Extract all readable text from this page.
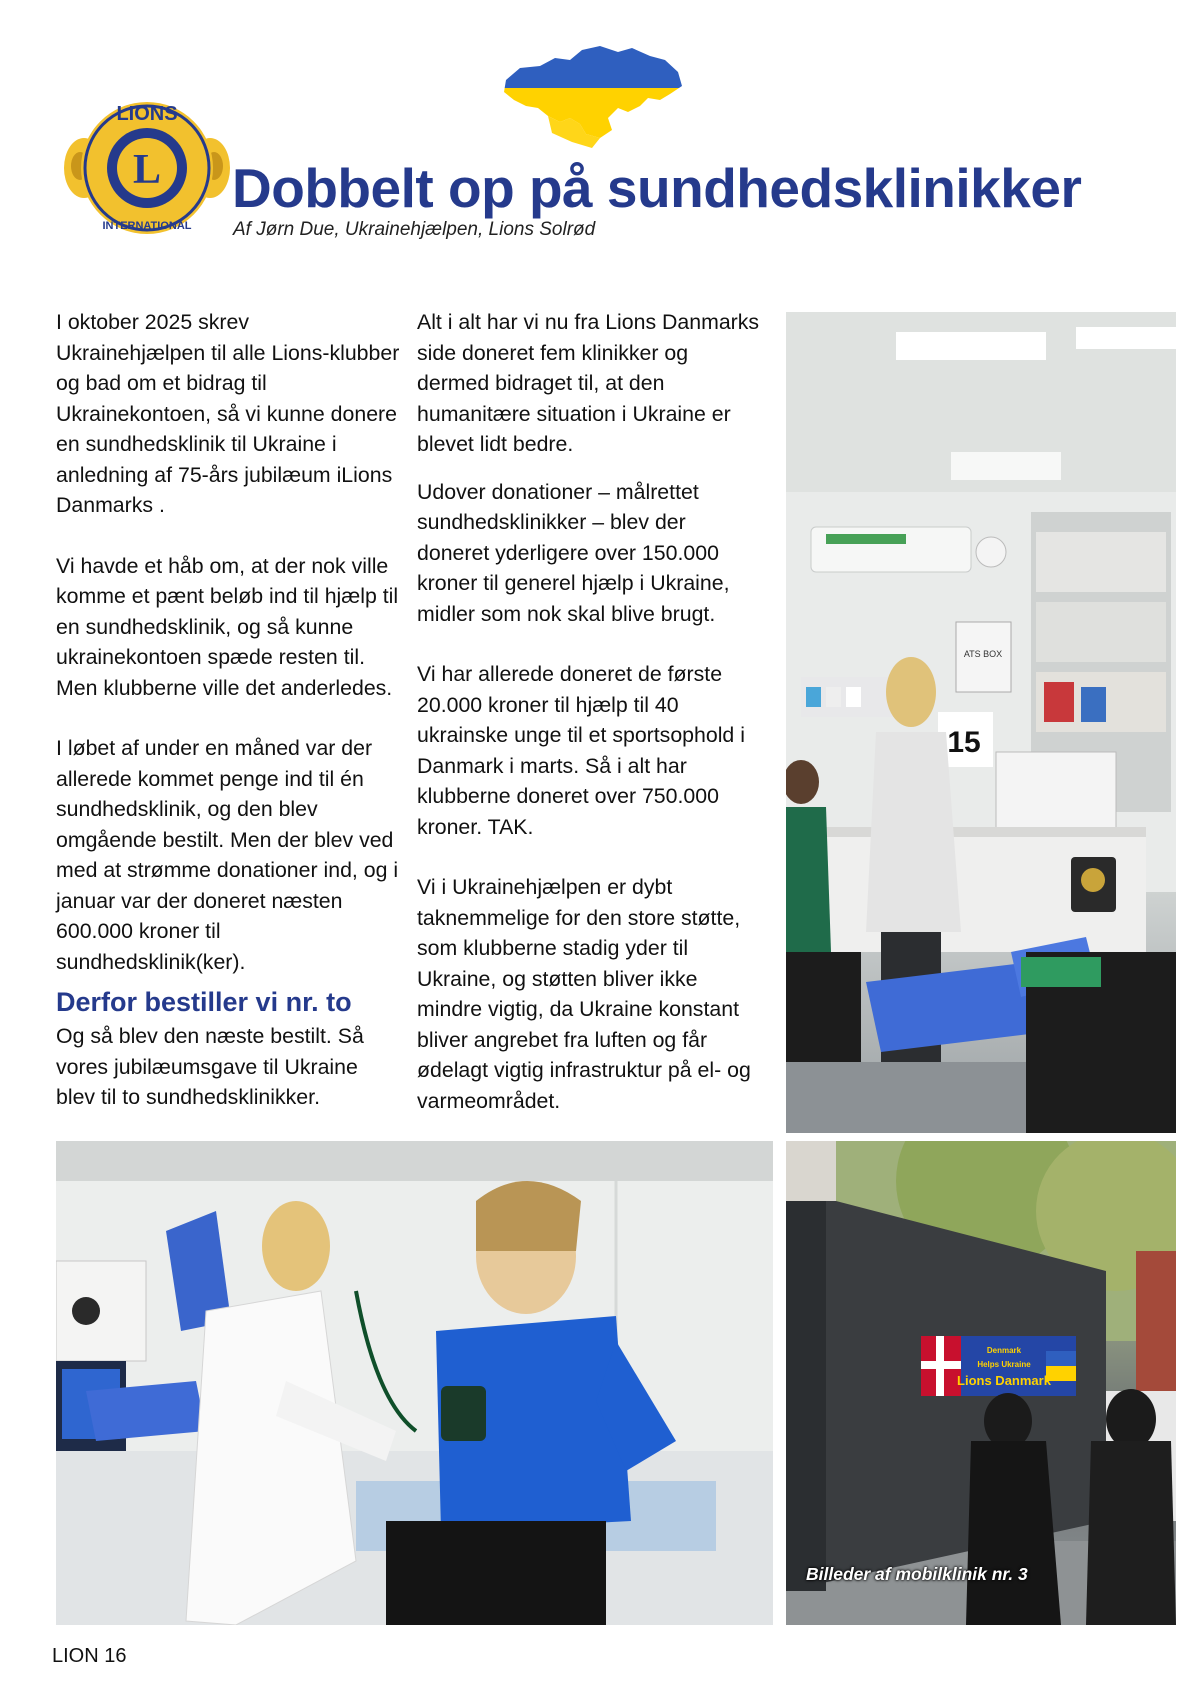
L
LIONS
INTERNATIONAL
Dobbelt op på sundhedsklinikker
Af Jørn Due, Ukrainehjælpen, Lions Solrød

I oktober 2025 skrev Ukrainehjælpen til alle Lions-klubber og bad om et bidrag til Ukrainekontoen, så vi kunne donere en sundhedsklinik til Ukraine i anledning af 75-års jubilæum iLions Danmarks .

Vi havde et håb om, at der nok ville komme et pænt beløb ind til hjælp til en sundhedsklinik, og så kunne ukrainekontoen spæde resten til. Men klubberne ville det anderledes.

I løbet af under en måned var der allerede kommet penge ind til én sundhedsklinik, og den blev omgående bestilt. Men der blev ved med at strømme donationer ind, og i januar var der doneret næsten 600.000 kroner til sundhedsklinik(ker).

Derfor bestiller vi nr. to

Og så blev den næste bestilt. Så vores jubilæumsgave til Ukraine blev til to sundhedsklinikker.

Alt i alt har vi nu fra Lions Danmarks side doneret fem klinikker og dermed bidraget til, at den humanitære situation i Ukraine er blevet lidt bedre.

Udover donationer – målrettet sundhedsklinikker – blev der doneret yderligere over 150.000 kroner til generel hjælp i Ukraine, midler som nok skal blive brugt.

Vi har allerede doneret de første 20.000 kroner til hjælp til 40 ukrainske unge til et sportsophold i Danmark i marts. Så i alt har klubberne doneret over 750.000 kroner. TAK.

Vi i Ukrainehjælpen er dybt taknemmelige for den store støtte, som klubberne stadig yder til Ukraine, og støtten bliver ikke mindre vigtig, da Ukraine konstant bliver angrebet fra luften og får ødelagt vigtig infrastruktur på el- og varmeområdet.

ATS BOX
15
Denmark
Helps Ukraine
Lions Danmark
Billeder af mobilklinik nr. 3
LION 16
